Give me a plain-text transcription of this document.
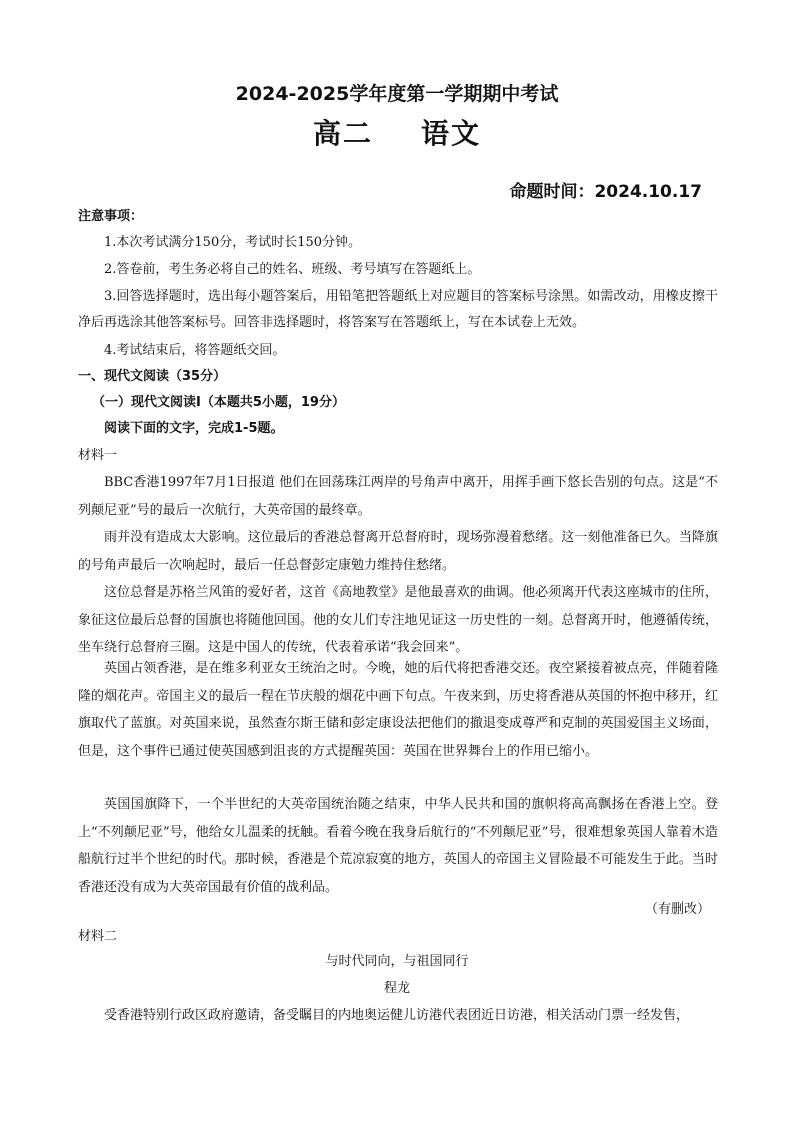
2024-2025学年度第一学期期中考试
高二 语文
命题时间：2024.10.17
注意事项：
1.本次考试满分150分，考试时长150分钟。
2.答卷前，考生务必将自己的姓名、班级、考号填写在答题纸上。
3.回答选择题时，选出每小题答案后，用铅笔把答题纸上对应题目的答案标号涂黑。如需改动，用橡皮擦干净后再选涂其他答案标号。回答非选择题时，将答案写在答题纸上，写在本试卷上无效。
4.考试结束后，将答题纸交回。
一、现代文阅读（35分）
（一）现代文阅读Ⅰ（本题共5小题，19分）
阅读下面的文字，完成1-5题。
材料一
BBC香港1997年7月1日报道 他们在回荡珠江两岸的号角声中离开，用挥手画下悠长告别的句点。这是“不列颠尼亚”号的最后一次航行，大英帝国的最终章。
雨并没有造成太大影响。这位最后的香港总督离开总督府时，现场弥漫着愁绪。这一刻他准备已久。当降旗的号角声最后一次响起时，最后一任总督彭定康勉力维持住愁绪。
这位总督是苏格兰风笛的爱好者，这首《高地教堂》是他最喜欢的曲调。他必须离开代表这座城市的住所，象征这位最后总督的国旗也将随他回国。他的女儿们专注地见证这一历史性的一刻。总督离开时，他遵循传统，坐车绕行总督府三圈。这是中国人的传统，代表着承诺“我会回来”。
英国占领香港，是在维多利亚女王统治之时。今晚，她的后代将把香港交还。夜空紧接着被点亮，伴随着隆隆的烟花声。帝国主义的最后一程在节庆般的烟花中画下句点。午夜来到，历史将香港从英国的怀抱中移开，红旗取代了蓝旗。对英国来说，虽然查尔斯王储和彭定康设法把他们的撤退变成尊严和克制的英国爱国主义场面，但是，这个事件已通过使英国感到沮丧的方式提醒英国：英国在世界舞台上的作用已缩小。
英国国旗降下，一个半世纪的大英帝国统治随之结束，中华人民共和国的旗帜将高高飘扬在香港上空。登上“不列颠尼亚”号，他给女儿温柔的抚触。看着今晚在我身后航行的“不列颠尼亚”号，很难想象英国人靠着木造船航行过半个世纪的时代。那时候，香港是个荒凉寂寞的地方，英国人的帝国主义冒险最不可能发生于此。当时香港还没有成为大英帝国最有价值的战利品。
（有删改）
材料二
与时代同向，与祖国同行
程龙
受香港特别行政区政府邀请，备受瞩目的内地奥运健儿访港代表团近日访港，相关活动门票一经发售，
